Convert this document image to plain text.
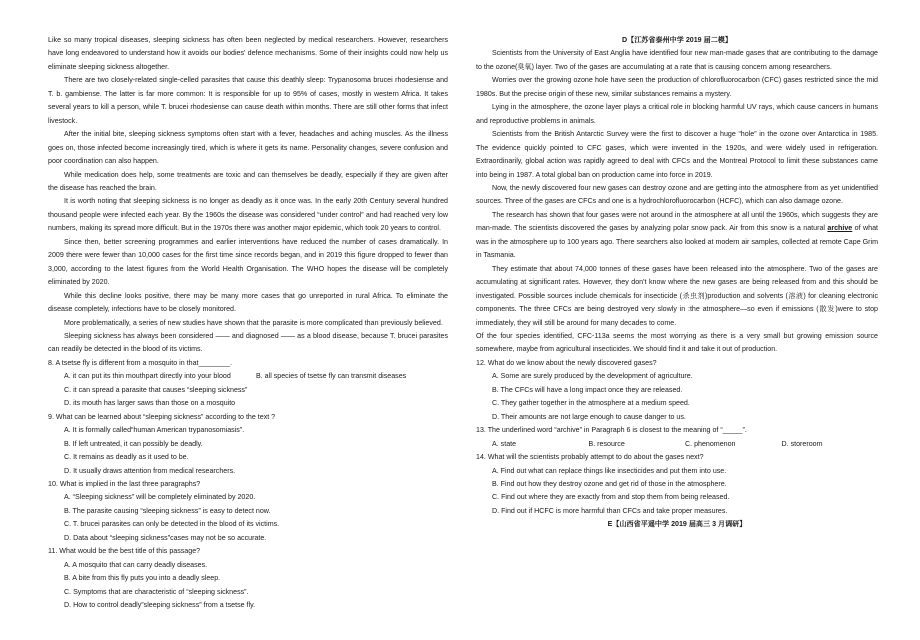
Like so many tropical diseases, sleeping sickness has often been neglected by medical researchers. However, researchers have long endeavored to understand how it avoids our bodies' defence mechanisms. Some of their insights could now help us eliminate sleeping sickness altogether.

There are two closely-related single-celled parasites that cause this deathly sleep: Trypanosoma brucei rhodesiense and T. b. gambiense. The latter is far more common: It is responsible for up to 95% of cases, mostly in western Africa. It takes several years to kill a person, while T. brucei rhodesiense can cause death within months. There are still other forms that infect livestock.

After the initial bite, sleeping sickness symptoms often start with a fever, headaches and aching muscles. As the illness goes on, those infected become increasingly tired, which is where it gets its name. Personality changes, severe confusion and poor coordination can also happen.

While medication does help, some treatments are toxic and can themselves be deadly, especially if they are given after the disease has reached the brain.

It is worth noting that sleeping sickness is no longer as deadly as it once was. In the early 20th Century several hundred thousand people were infected each year. By the 1960s the disease was considered “under control” and had reached very low numbers, making its spread more difficult. But in the 1970s there was another major epidemic, which took 20 years to control.

Since then, better screening programmes and earlier interventions have reduced the number of cases dramatically. In 2009 there were fewer than 10,000 cases for the first time since records began, and in 2019 this figure dropped to fewer than 3,000, according to the latest figures from the World Health Organisation. The WHO hopes the disease will be completely eliminated by 2020.

While this decline looks positive, there may be many more cases that go unreported in rural Africa. To eliminate the disease completely, infections have to be closely monitored.

More problematically, a series of new studies have shown that the parasite is more complicated than previously believed.

Sleeping sickness has always been considered —— and diagnosed —— as a blood disease, because T. brucei parasites can readily be detected in the blood of its victims.

8. A tsetse fly is different from a mosquito in that________.

A. it can put its thin mouthpart directly into your blood	B. all species of tsetse fly can transmit diseases

C. it can spread a parasite that causes “sleeping sickness”

D. its mouth has larger saws than those on a mosquito

9. What can be learned about “sleeping sickness” according to the text ?

A. It is formally called“human American trypanosomiasis”.

B. If left untreated, it can possibly be deadly.

C. It remains as deadly as it used to be.

D. It usually draws attention from medical researchers.

10. What is implied in the last three paragraphs?

A. “Sleeping sickness” will be completely eliminated by 2020.

B. The parasite causing “sleeping sickness” is easy to detect now.

C. T. brucei parasites can only be detected in the blood of its victims.

D. Data about “sleeping sickness”cases may not be so accurate.

11. What would be the best title of this passage?

A. A mosquito that can carry deadly diseases.

B. A bite from this fly puts you into a deadly sleep.

C. Symptoms that are characteristic of “sleeping sickness”.

D. How to control deadly”sleeping sickness” from a tsetse fly.

D【江苏省泰州中学 2019 届二模】

Scientists from the University of East Anglia have identified four new man-made gases that are contributing to the damage to the ozone(臭氧) layer. Two of the gases are accumulating at a rate that is causing concern among researchers.

Worries over the growing ozone hole have seen the production of chlorofluorocarbon (CFC) gases restricted since the mid 1980s. But the precise origin of these new, similar substances remains a mystery.

Lying in the atmosphere, the ozone layer plays a critical role in blocking harmful UV rays, which cause cancers in humans and reproductive problems in animals.

Scientists from the British Antarctic Survey were the first to discover a huge “hole” in the ozone over Antarctica in 1985. The evidence quickly pointed to CFC gases, which were invented in the 1920s, and were widely used in refrigeration. Extraordinarily, global action was rapidly agreed to deal with CFCs and the Montreal Protocol to limit these substances came into being in 1987. A total global ban on production came into force in 2019.

Now, the newly discovered four new gases can destroy ozone and are getting into the atmosphere from as yet unidentified sources. Three of the gases are CFCs and one is a hydrochlorofluorocarbon (HCFC), which can also damage ozone.

The research has shown that four gases were not around in the atmosphere at all until the 1960s, which suggests they are man-made. The scientists discovered the gases by analyzing polar snow pack. Air from this snow is a natural archive of what was in the atmosphere up to 100 years ago. There searchers also looked at modern air samples, collected at remote Cape Grim in Tasmania.

They estimate that about 74,000 tonnes of these gases have been released into the atmosphere. Two of the gases are accumulating at significant rates. However, they don't know where the new gases are being released from and this should be investigated. Possible sources include chemicals for insecticide (杀虫剂)production and solvents (溶液) for cleaning electronic components. The three CFCs are being destroyed very slowly in :the atmosphere—so even if emissions (散发)were to stop immediately, they will still be around for many decades to come.

Of the four species identified, CFC-113a seems the most worrying as there is a very small but growing emission source somewhere, maybe from agricultural insecticides. We should find it and take it out of production.

12. What do we know about the newly discovered gases?

A. Some are surely produced by the development of agriculture.

B. The CFCs will have a long impact once they are released.

C. They gather together in the atmosphere at a medium speed.

D. Their amounts are not large enough to cause danger to us.

13. The underlined word “archive” in Paragraph 6 is closest to the meaning of “_____”.

A. state	B. resource	C. phenomenon	D. storeroom

14. What will the scientists probably attempt to do about the gases next?

A. Find out what can replace things like insecticides and put them into use.

B. Find out how they destroy ozone and get rid of those in the atmosphere.

C. Find out where they are exactly from and stop them from being released.

D. Find out if HCFC is more harmful than CFCs and take proper measures.

E【山西省平遥中学 2019 届高三 3 月调研】
